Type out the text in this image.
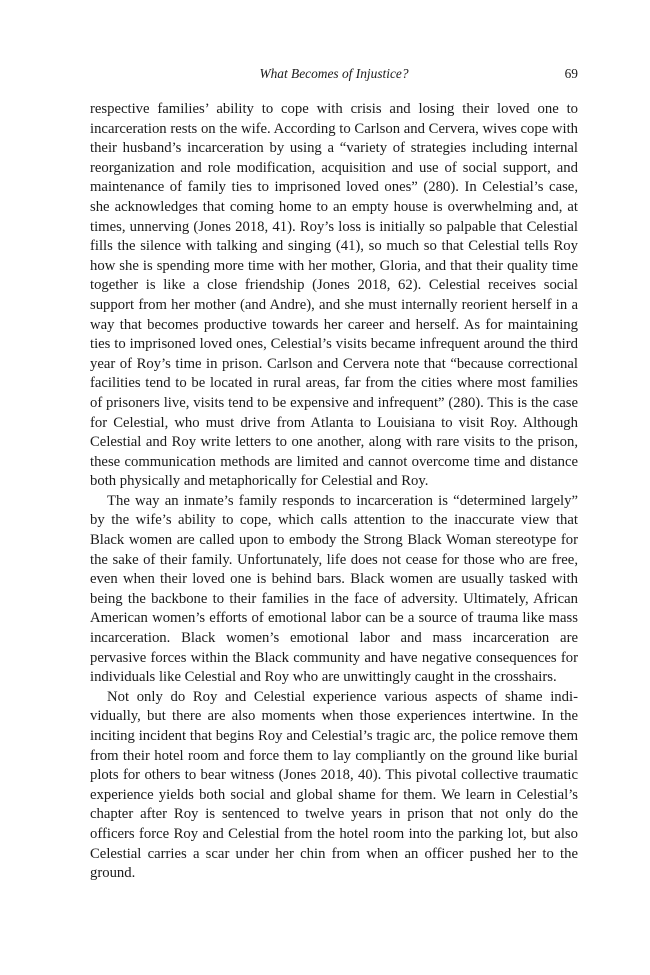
What Becomes of Injustice?	69

respective families’ ability to cope with crisis and losing their loved one to incarceration rests on the wife. According to Carlson and Cervera, wives cope with their husband’s incarceration by using a “variety of strategies including internal reorganization and role modification, acquisition and use of social support, and maintenance of family ties to imprisoned loved ones” (280). In Celestial’s case, she acknowledges that coming home to an empty house is overwhelming and, at times, unnerving (Jones 2018, 41). Roy’s loss is initially so palpable that Celestial fills the silence with talking and singing (41), so much so that Celestial tells Roy how she is spending more time with her mother, Gloria, and that their quality time together is like a close friendship (Jones 2018, 62). Celestial receives social support from her mother (and Andre), and she must internally reorient herself in a way that becomes productive towards her career and herself. As for maintaining ties to imprisoned loved ones, Celestial’s visits became infrequent around the third year of Roy’s time in prison. Carlson and Cervera note that “because correctional facilities tend to be located in rural areas, far from the cities where most families of prisoners live, visits tend to be expensive and infrequent” (280). This is the case for Celestial, who must drive from Atlanta to Louisiana to visit Roy. Although Celestial and Roy write letters to one another, along with rare visits to the prison, these communication methods are limited and cannot overcome time and distance both physically and metaphorically for Celestial and Roy.

The way an inmate’s family responds to incarceration is “determined largely” by the wife’s ability to cope, which calls attention to the inaccurate view that Black women are called upon to embody the Strong Black Woman stereotype for the sake of their family. Unfortunately, life does not cease for those who are free, even when their loved one is behind bars. Black women are usually tasked with being the backbone to their families in the face of adversity. Ultimately, African American women’s efforts of emotional labor can be a source of trauma like mass incarceration. Black women’s emotional labor and mass incarceration are pervasive forces within the Black community and have negative consequences for individuals like Celestial and Roy who are unwittingly caught in the crosshairs.

Not only do Roy and Celestial experience various aspects of shame individually, but there are also moments when those experiences intertwine. In the inciting incident that begins Roy and Celestial’s tragic arc, the police remove them from their hotel room and force them to lay compliantly on the ground like burial plots for others to bear witness (Jones 2018, 40). This pivotal collective traumatic experience yields both social and global shame for them. We learn in Celestial’s chapter after Roy is sentenced to twelve years in prison that not only do the officers force Roy and Celestial from the hotel room into the parking lot, but also Celestial carries a scar under her chin from when an officer pushed her to the ground.
